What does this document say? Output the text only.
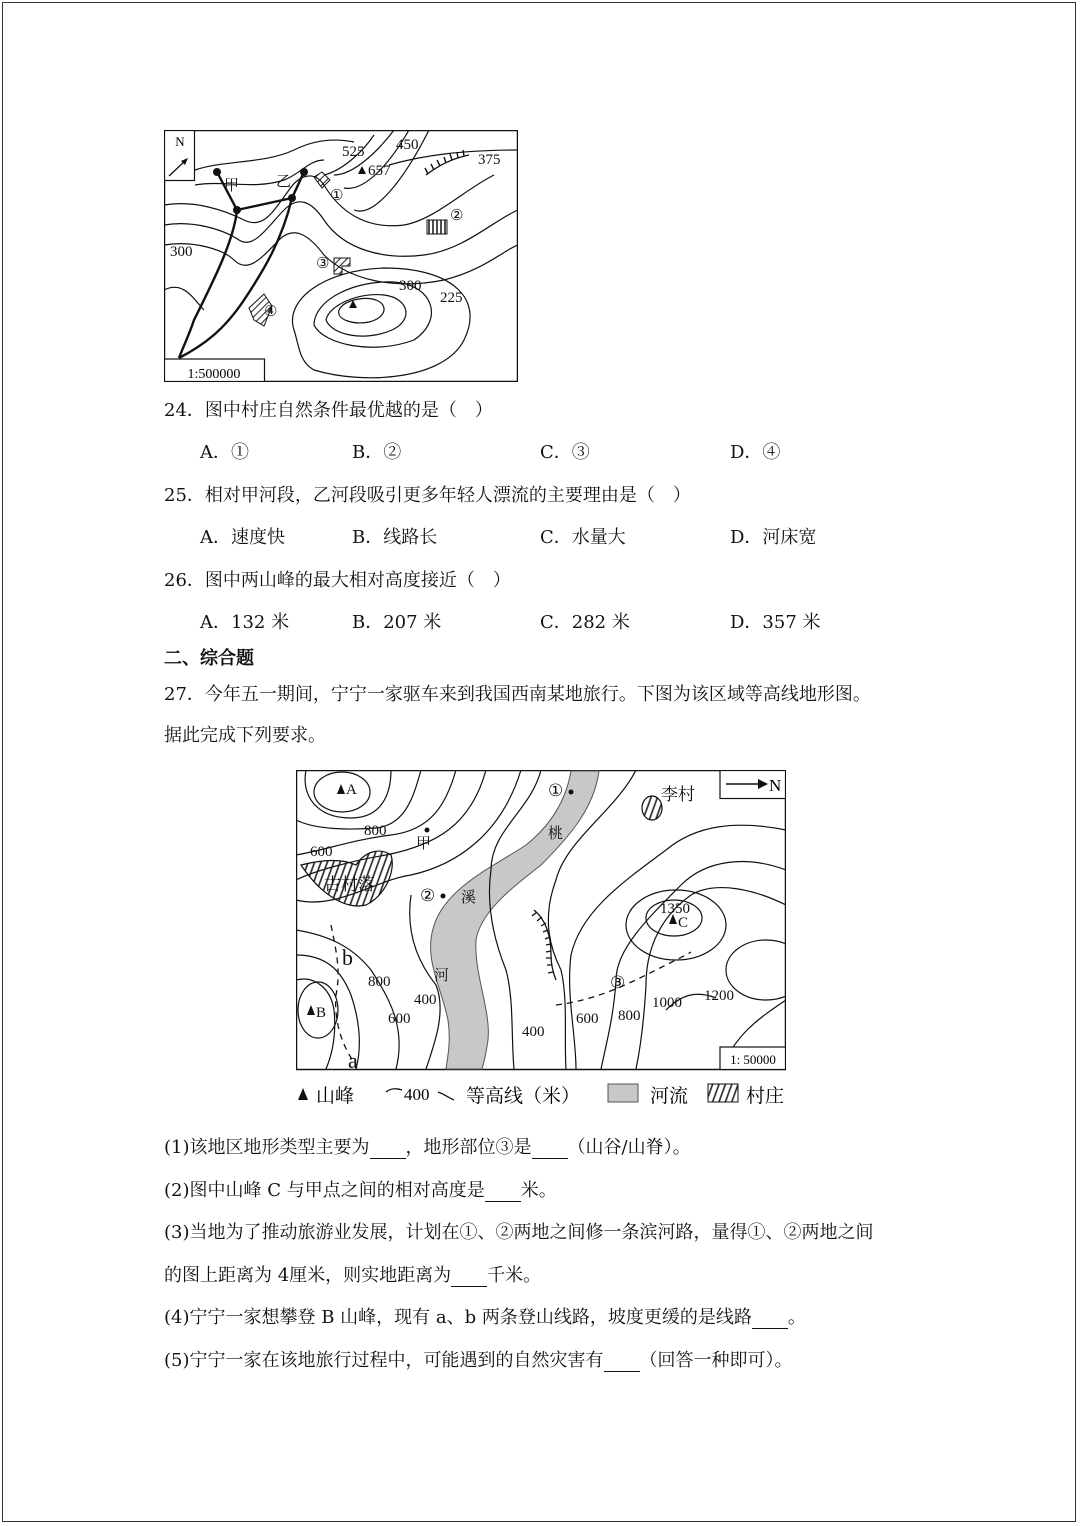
N
525 450
375
657
300
300
225
甲 乙
①
②
③
④
1:500000
24．图中村庄自然条件最优越的是（　）
A．①	B．②	C．③	D．④
25．相对甲河段，乙河段吸引更多年轻人漂流的主要理由是（　）
A．速度快	B．线路长	C．水量大	D．河床宽
26．图中两山峰的最大相对高度接近（　）
A．132 米	B．207 米	C．282 米	D．357 米
二、综合题
27．今年五一期间，宁宁一家驱车来到我国西南某地旅行。下图为该区域等高线地形图。
据此完成下列要求。
N
A
B
C
1350
800
600	甲
古村落
李村
①
②
③
桃
溪
河
b
a
800
600
400
400
600 800
1000 1200
1: 50000
山峰	400 等高线（米）	河流	村庄
(1)该地区地形类型主要为 ，地形部位③是 （山谷/山脊）。
(2)图中山峰 C 与甲点之间的相对高度是 米。
(3)当地为了推动旅游业发展，计划在①、②两地之间修一条滨河路，量得①、②两地之间
的图上距离为 4厘米，则实地距离为 千米。
(4)宁宁一家想攀登 B 山峰，现有 a、b 两条登山线路，坡度更缓的是线路 。
(5)宁宁一家在该地旅行过程中，可能遇到的自然灾害有 （回答一种即可）。
